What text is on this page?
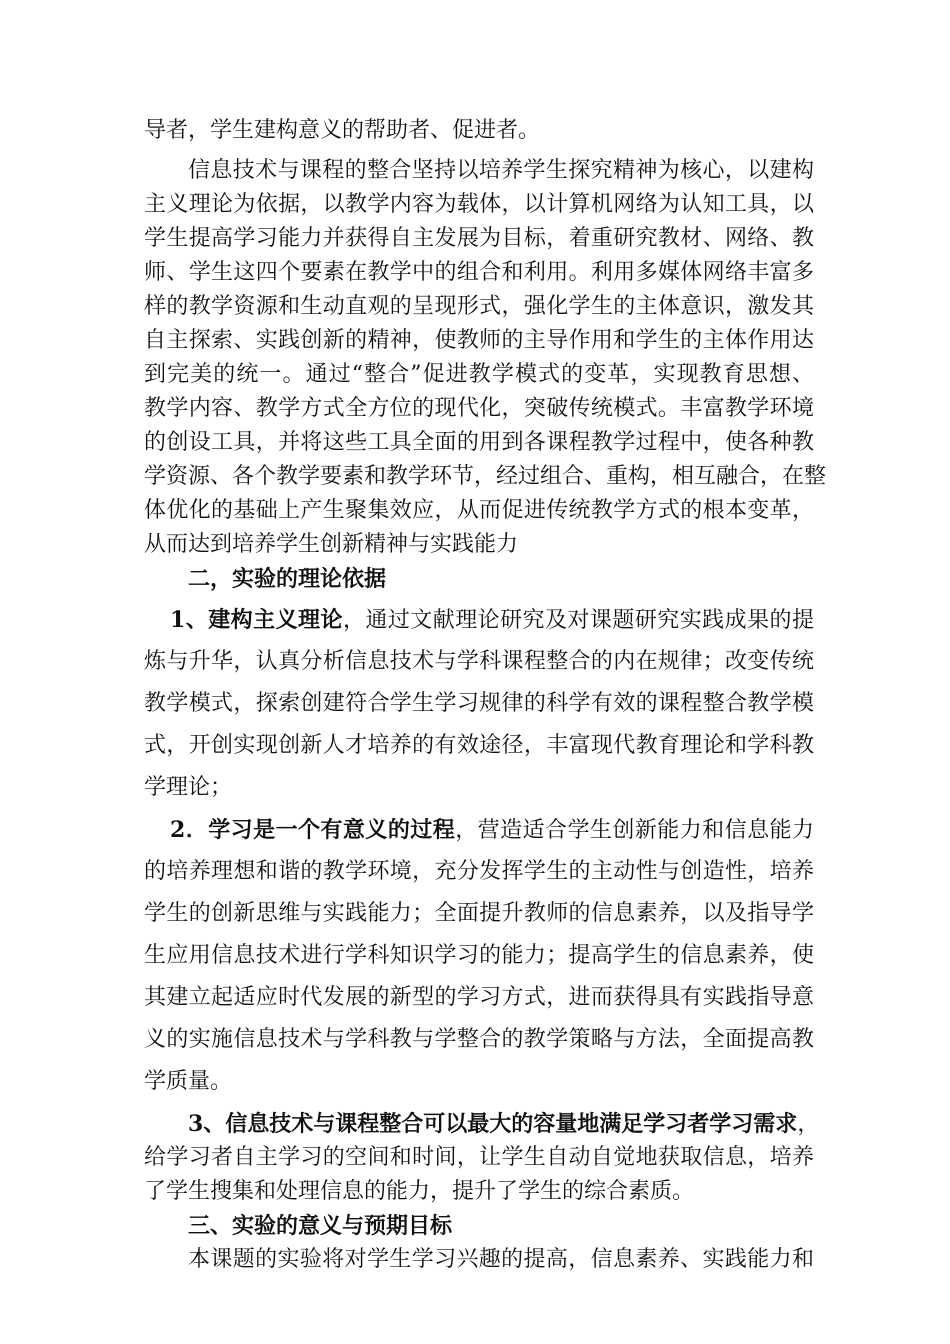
导者，学生建构意义的帮助者、促进者。
信息技术与课程的整合坚持以培养学生探究精神为核心，以建构
主义理论为依据，以教学内容为载体，以计算机网络为认知工具，以
学生提高学习能力并获得自主发展为目标，着重研究教材、网络、教
师、学生这四个要素在教学中的组合和利用。利用多媒体网络丰富多
样的教学资源和生动直观的呈现形式，强化学生的主体意识，激发其
自主探索、实践创新的精神，使教师的主导作用和学生的主体作用达
到完美的统一。通过“整合”促进教学模式的变革，实现教育思想、
教学内容、教学方式全方位的现代化，突破传统模式。丰富教学环境
的创设工具，并将这些工具全面的用到各课程教学过程中，使各种教
学资源、各个教学要素和教学环节，经过组合、重构，相互融合，在整
体优化的基础上产生聚集效应，从而促进传统教学方式的根本变革，
从而达到培养学生创新精神与实践能力
二，实验的理论依据
1、建构主义理论，通过文献理论研究及对课题研究实践成果的提
炼与升华，认真分析信息技术与学科课程整合的内在规律；改变传统
教学模式，探索创建符合学生学习规律的科学有效的课程整合教学模
式，开创实现创新人才培养的有效途径，丰富现代教育理论和学科教
学理论；
2．学习是一个有意义的过程，营造适合学生创新能力和信息能力
的培养理想和谐的教学环境，充分发挥学生的主动性与创造性，培养
学生的创新思维与实践能力；全面提升教师的信息素养，以及指导学
生应用信息技术进行学科知识学习的能力；提高学生的信息素养，使
其建立起适应时代发展的新型的学习方式，进而获得具有实践指导意
义的实施信息技术与学科教与学整合的教学策略与方法，全面提高教
学质量。
3、信息技术与课程整合可以最大的容量地满足学习者学习需求，
给学习者自主学习的空间和时间，让学生自动自觉地获取信息，培养
了学生搜集和处理信息的能力，提升了学生的综合素质。
三、实验的意义与预期目标
本课题的实验将对学生学习兴趣的提高，信息素养、实践能力和
